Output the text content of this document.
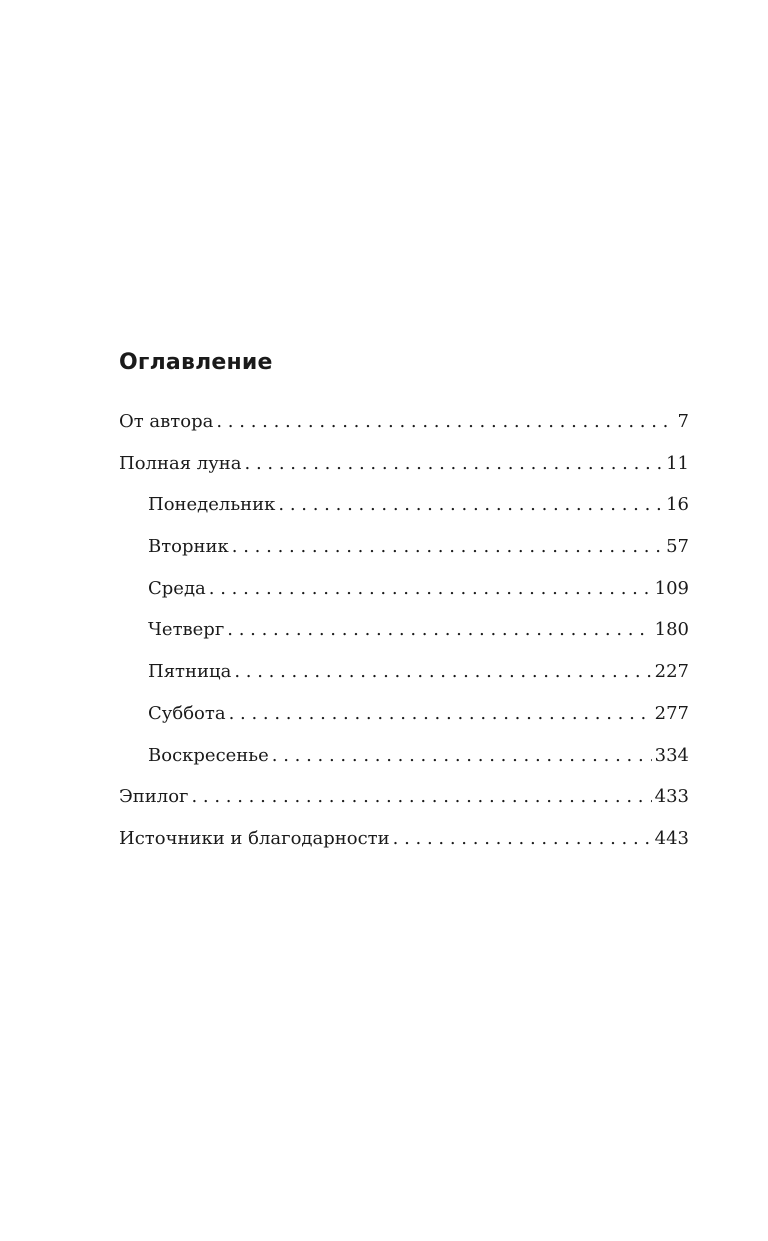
Оглавление
От автора . . .	7
Полная луна . . .	11
Понедельник . . .	16
Вторник . . .	57
Среда . . .	109
Четверг . . .	180
Пятница . . .	227
Суббота . . .	277
Воскресенье . . .	334
Эпилог . . .	433
Источники и благодарности . . .	443
